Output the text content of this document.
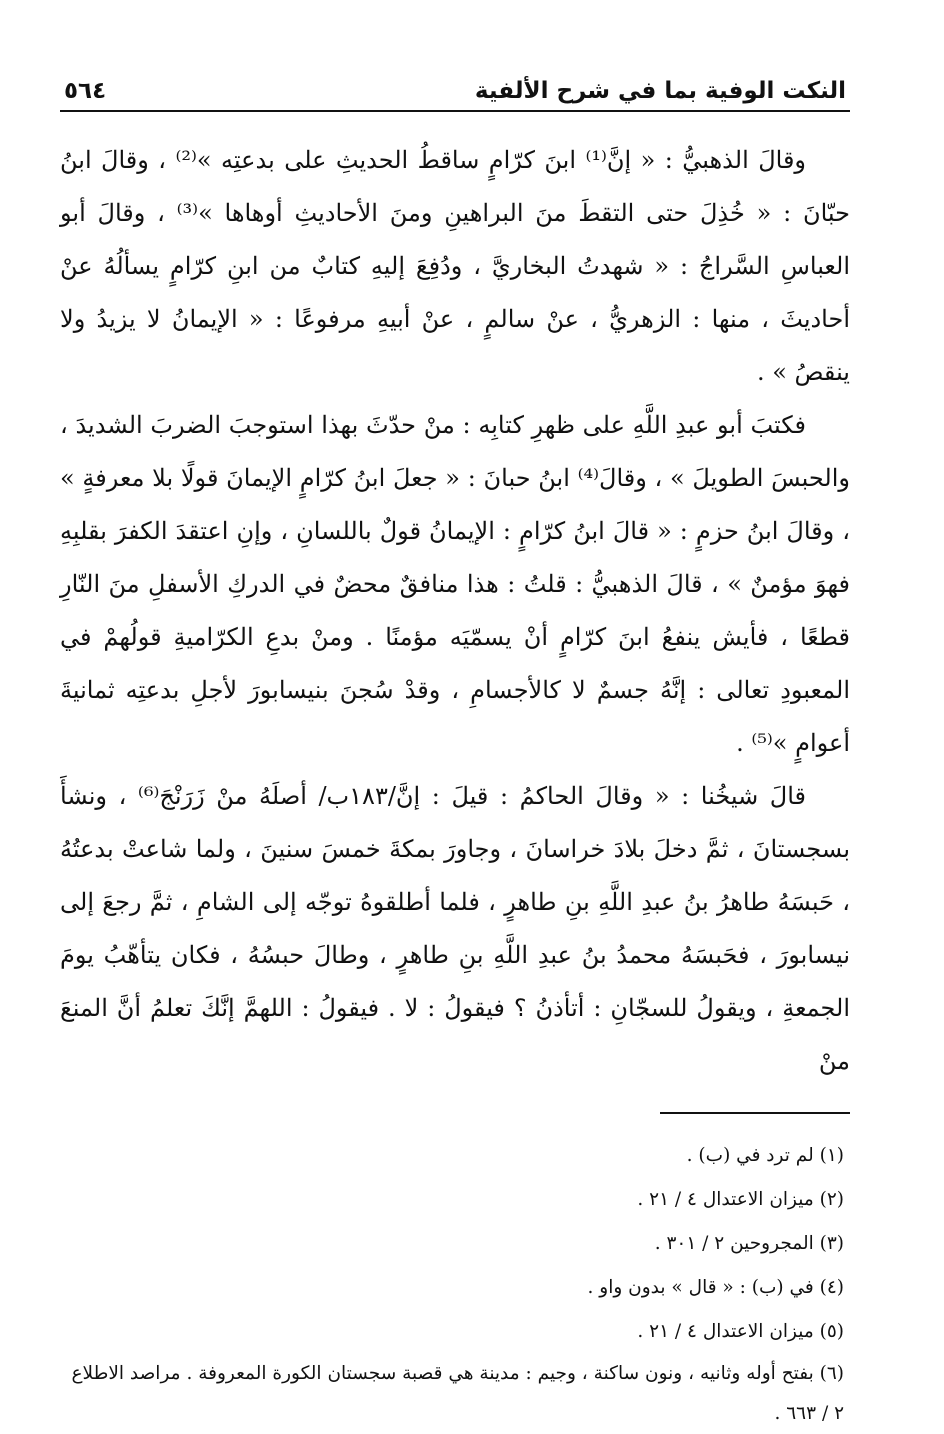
النكت الوفية بما في شرح الألفية
٥٦٤

وقالَ الذهبيُّ : « إنَّ⁽¹⁾ ابنَ كرّامٍ ساقطُ الحديثِ على بدعتِه »⁽²⁾ ، وقالَ ابنُ حبّانَ : « خُذِلَ حتى التقطَ منَ البراهينِ ومنَ الأحاديثِ أوهاها »⁽³⁾ ، وقالَ أبو العباسِ السَّراجُ : « شهدتُ البخاريَّ ، ودُفِعَ إليهِ كتابٌ من ابنِ كرّامٍ يسألُهُ عنْ أحاديثَ ، منها : الزهريُّ ، عنْ سالمٍ ، عنْ أبيهِ مرفوعًا : « الإيمانُ لا يزيدُ ولا ينقصُ » .

فكتبَ أبو عبدِ اللَّهِ على ظهرِ كتابِه : منْ حدّثَ بهذا استوجبَ الضربَ الشديدَ ، والحبسَ الطويلَ » ، وقالَ⁽⁴⁾ ابنُ حبانَ : « جعلَ ابنُ كرّامٍ الإيمانَ قولًا بلا معرفةٍ » ، وقالَ ابنُ حزمٍ : « قالَ ابنُ كرّامٍ : الإيمانُ قولٌ باللسانِ ، وإنِ اعتقدَ الكفرَ بقلبِهِ فهوَ مؤمنٌ » ، قالَ الذهبيُّ : قلتُ : هذا منافقٌ محضٌ في الدركِ الأسفلِ منَ النّارِ قطعًا ، فأيش ينفعُ ابنَ كرّامٍ أنْ يسمّيَه مؤمنًا . ومنْ بدعِ الكرّاميةِ قولُهمْ في المعبودِ تعالى : إنَّهُ جسمٌ لا كالأجسامِ ، وقدْ سُجنَ بنيسابورَ لأجلِ بدعتِه ثمانيةَ أعوامٍ »⁽⁵⁾ .

قالَ شيخُنا : « وقالَ الحاكمُ : قيلَ : إنَّ/١٨٣ب/ أصلَهُ منْ زَرَنْجَ⁽⁶⁾ ، ونشأَ بسجستانَ ، ثمَّ دخلَ بلادَ خراسانَ ، وجاورَ بمكةَ خمسَ سنينَ ، ولما شاعتْ بدعتُهُ ، حَبسَهُ طاهرُ بنُ عبدِ اللَّهِ بنِ طاهرٍ ، فلما أطلقوهُ توجّه إلى الشامِ ، ثمَّ رجعَ إلى نيسابورَ ، فحَبسَهُ محمدُ بنُ عبدِ اللَّهِ بنِ طاهرٍ ، وطالَ حبسُهُ ، فكان يتأهّبُ يومَ الجمعةِ ، ويقولُ للسجّانِ : أتأذنُ ؟ فيقولُ : لا . فيقولُ : اللهمَّ إنَّكَ تعلمُ أنَّ المنعَ منْ

(١) لم ترد في (ب) .

(٢) ميزان الاعتدال ٤ / ٢١ .

(٣) المجروحين ٢ / ٣٠١ .

(٤) في (ب) : « قال » بدون واو .

(٥) ميزان الاعتدال ٤ / ٢١ .

(٦) بفتح أوله وثانيه ، ونون ساكنة ، وجيم : مدينة هي قصبة سجستان الكورة المعروفة . مراصد الاطلاع ٢ / ٦٦٣ .
